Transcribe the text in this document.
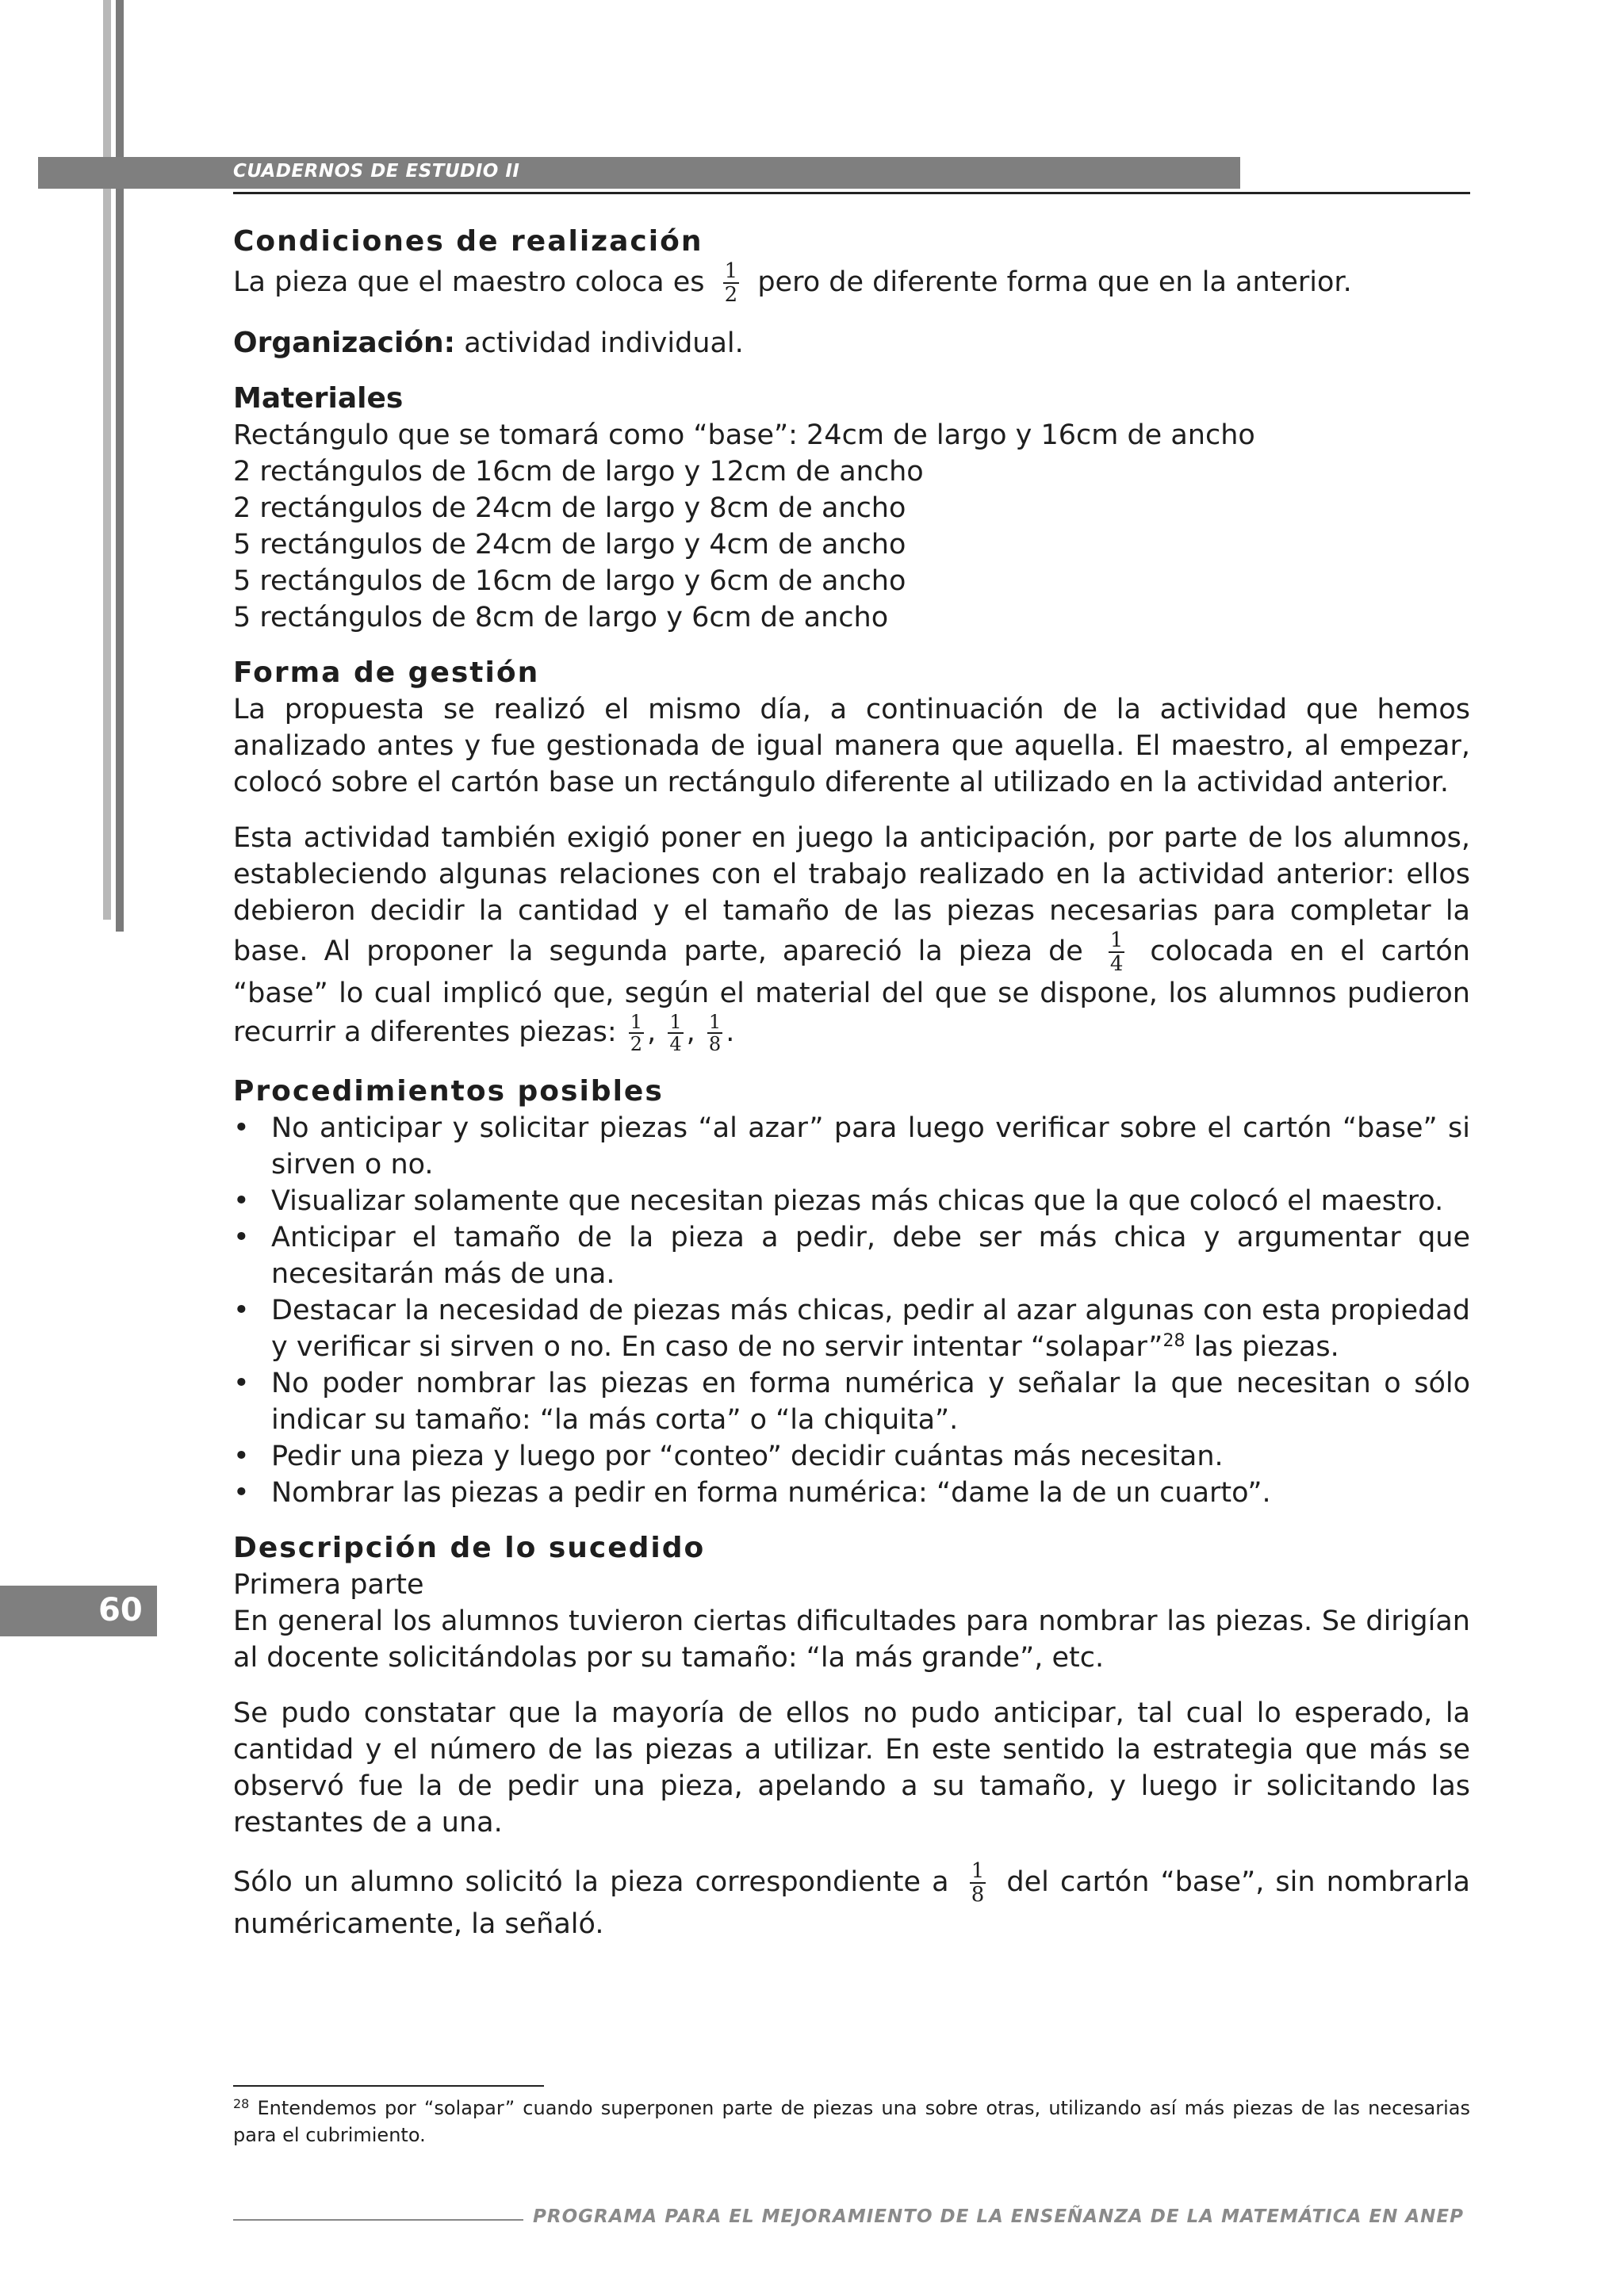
CUADERNOS DE ESTUDIO II
60
Condiciones de realización

La pieza que el maestro coloca es $\frac{1}{2}$ pero de diferente forma que en la anterior.

Organización: actividad individual.

Materiales
Rectángulo que se tomará como “base”: 24cm de largo y 16cm de ancho
2 rectángulos de 16cm de largo y 12cm de ancho
2 rectángulos de 24cm de largo y 8cm de ancho
5 rectángulos de 24cm de largo y 4cm de ancho
5 rectángulos de 16cm de largo y 6cm de ancho
5 rectángulos de 8cm de largo y 6cm de ancho
Forma de gestión

La propuesta se realizó el mismo día, a continuación de la actividad que hemos analizado antes y fue gestionada de igual manera que aquella. El maestro, al empezar, colocó sobre el cartón base un rectángulo diferente al utilizado en la actividad anterior.

Esta actividad también exigió poner en juego la anticipación, por parte de los alumnos, estableciendo algunas relaciones con el trabajo realizado en la actividad anterior: ellos debieron decidir la cantidad y el tamaño de las piezas necesarias para completar la base. Al proponer la segunda parte, apareció la pieza de $\frac{1}{4}$ colocada en el cartón “base” lo cual implicó que, según el material del que se dispone, los alumnos pudieron recurrir a diferentes piezas: $\frac{1}{2}$ , $\frac{1}{4}$ , $\frac{1}{8}$ .

Procedimientos posibles
• No anticipar y solicitar piezas “al azar” para luego verificar sobre el cartón “base” si sirven o no.
• Visualizar solamente que necesitan piezas más chicas que la que colocó el maestro.
• Anticipar el tamaño de la pieza a pedir, debe ser más chica y argumentar que necesitarán más de una.
• Destacar la necesidad de piezas más chicas, pedir al azar algunas con esta propiedad y verificar si sirven o no. En caso de no servir intentar “solapar”$^{28}$ las piezas.
• No poder nombrar las piezas en forma numérica y señalar la que necesitan o sólo indicar su tamaño: “la más corta” o “la chiquita”.
• Pedir una pieza y luego por “conteo” decidir cuántas más necesitan.
• Nombrar las piezas a pedir en forma numérica: “dame la de un cuarto”.
Descripción de lo sucedido
Primera parte

En general los alumnos tuvieron ciertas dificultades para nombrar las piezas. Se dirigían al docente solicitándolas por su tamaño: “la más grande”, etc.

Se pudo constatar que la mayoría de ellos no pudo anticipar, tal cual lo esperado, la cantidad y el número de las piezas a utilizar. En este sentido la estrategia que más se observó fue la de pedir una pieza, apelando a su tamaño, y luego ir solicitando las restantes de a una.

Sólo un alumno solicitó la pieza correspondiente a $\frac{1}{8}$ del cartón “base”, sin nombrarla numéricamente, la señaló.

$^{28}$ Entendemos por “solapar” cuando superponen parte de piezas una sobre otras, utilizando así más piezas de las necesarias para el cubrimiento.
PROGRAMA PARA EL MEJORAMIENTO DE LA ENSEÑANZA DE LA MATEMÁTICA EN ANEP
